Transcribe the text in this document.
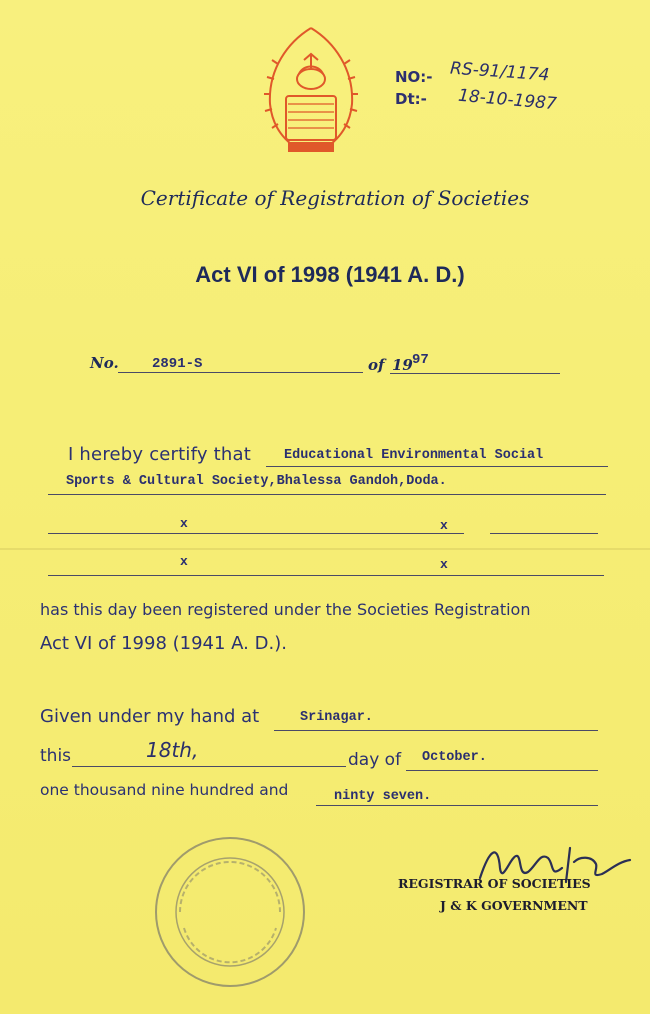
NO:- RS-91/1174
Dt:- 18-10-1987
Certificate of Registration of Societies
Act VI of 1998 (1941 A. D.)
No. 2891-S	of 19 97
I hereby certify that Educational Environmental Social
Sports & Cultural Society,Bhalessa Gandoh,Doda.
x	x
x	x
has this day been registered under the Societies Registration
Act VI of 1998 (1941 A. D.).
Given under my hand at	Srinagar.
this	18th,	day of October.
one thousand nine hundred and	ninty seven.
REGISTRAR OF SOCIETIES
J & K GOVERNMENT
